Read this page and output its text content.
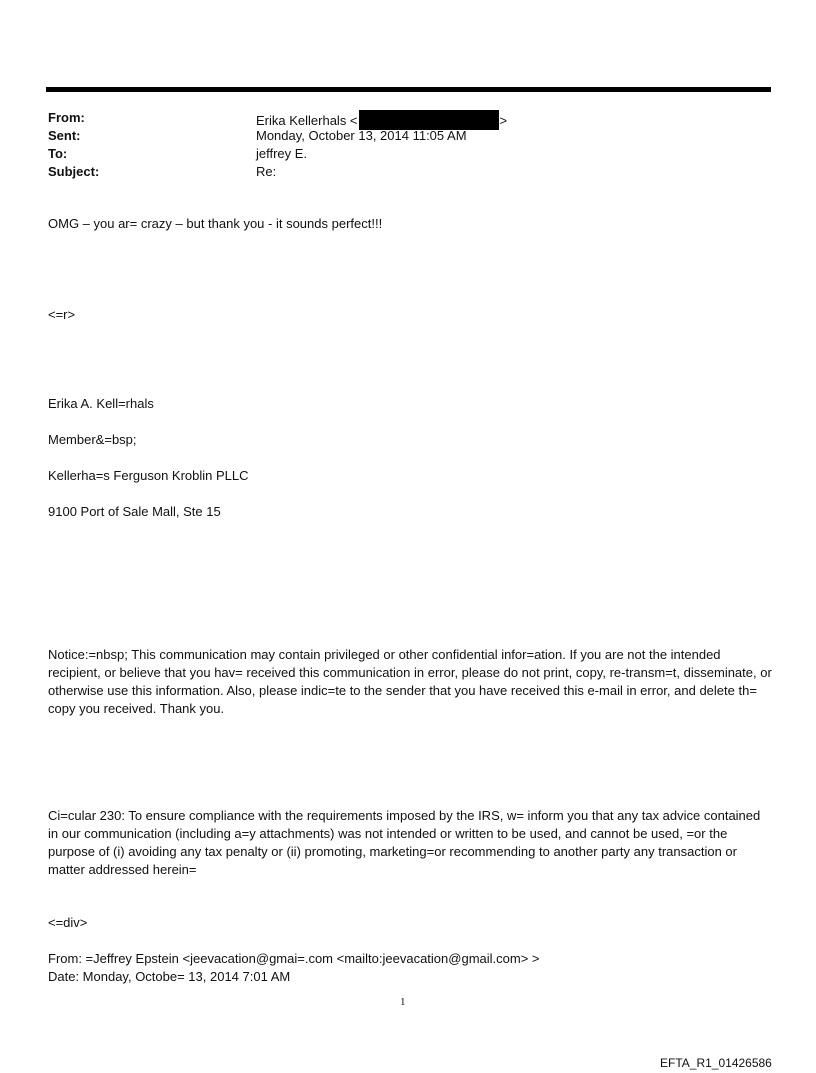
From:	Erika Kellerhals <	>
Sent:	Monday, October 13, 2014 11:05 AM
To:	jeffrey E.
Subject:	Re:
OMG – you ar= crazy – but thank you - it sounds perfect!!!
<=r>
Erika A. Kell=rhals
Member&=bsp;
Kellerha=s Ferguson Kroblin PLLC
9100 Port of Sale Mall, Ste 15
Notice:=nbsp; This communication may contain privileged or other confidential infor=ation. If you are not the intended recipient, or believe that you hav= received this communication in error, please do not print, copy, re-transm=t, disseminate, or otherwise use this information. Also, please indic=te to the sender that you have received this e-mail in error, and delete th= copy you received. Thank you.
Ci=cular 230: To ensure compliance with the requirements imposed by the IRS, w= inform you that any tax advice contained in our communication (including a=y attachments) was not intended or written to be used, and cannot be used, =or the purpose of (i) avoiding any tax penalty or (ii) promoting, marketing=or recommending to another party any transaction or matter addressed herein=
<=div>
From: =Jeffrey Epstein <jeevacation@gmai=.com <mailto:jeevacation@gmail.com> >
Date: Monday, Octobe= 13, 2014 7:01 AM
1
EFTA_R1_01426586
